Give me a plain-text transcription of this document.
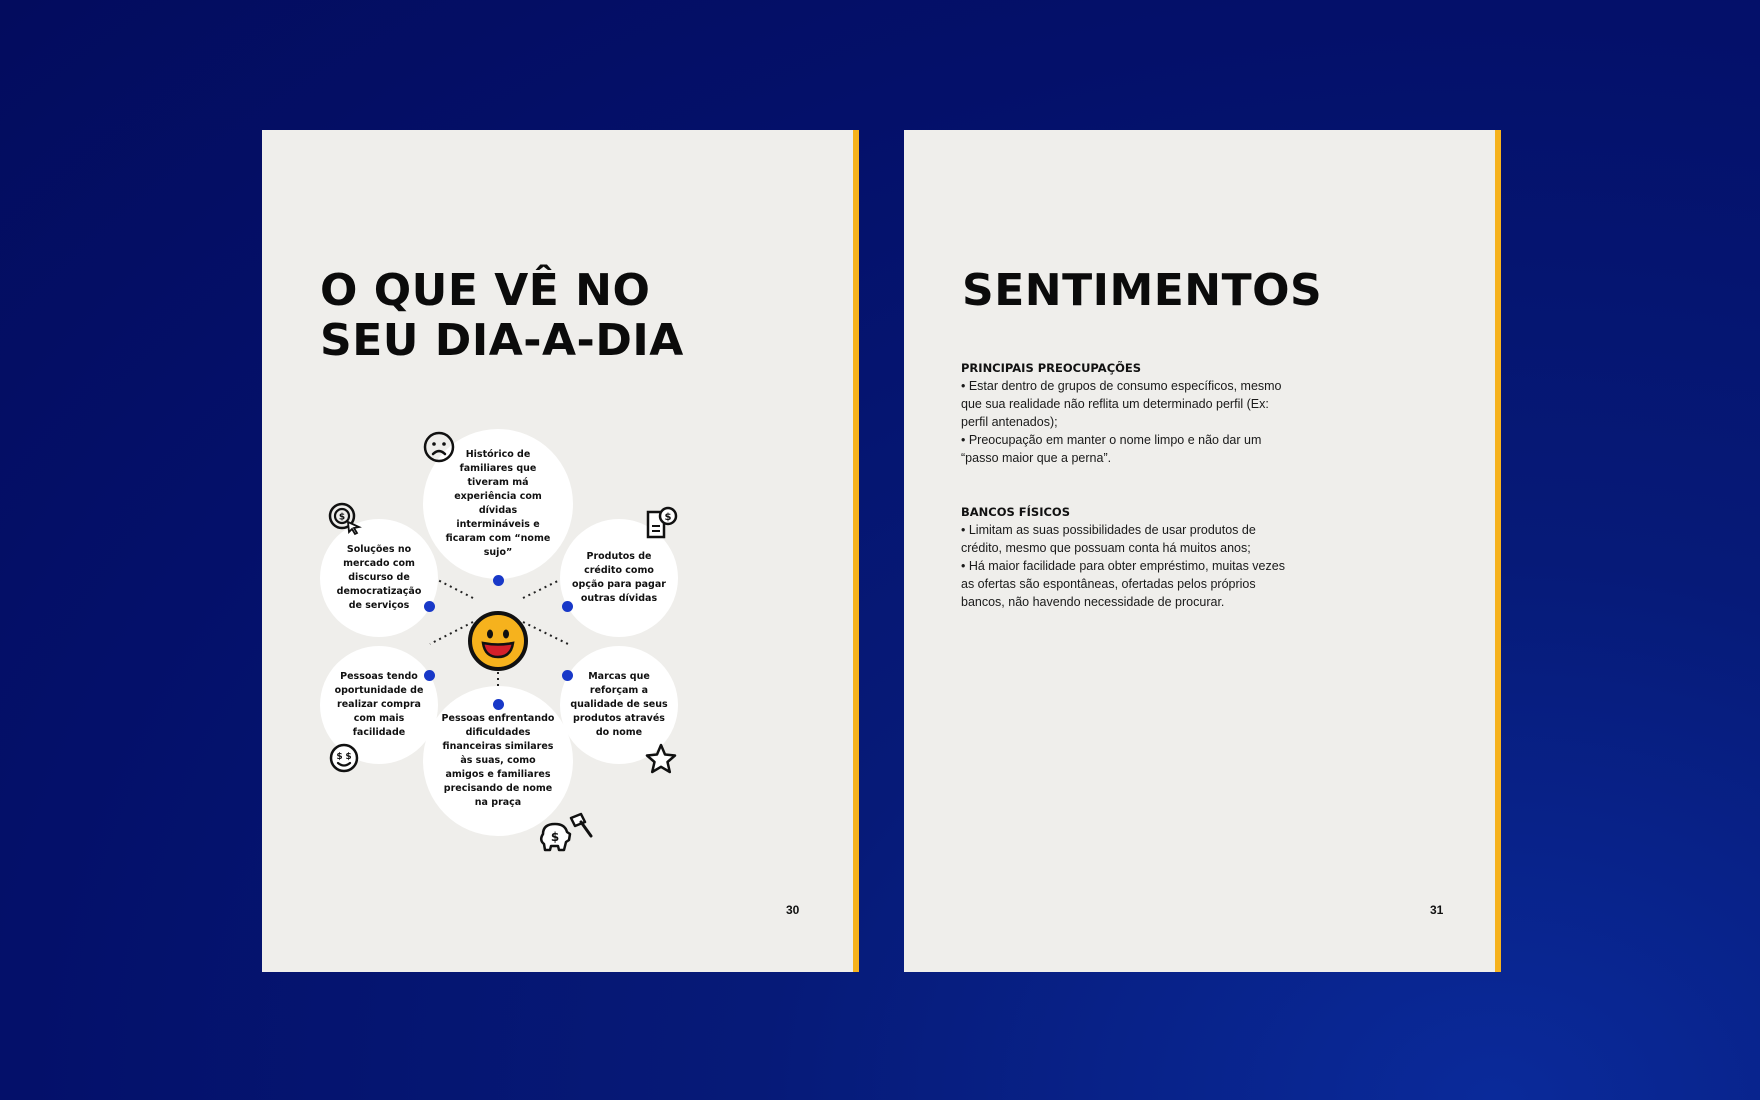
O QUE VÊ NO
SEU DIA-A-DIA
Histórico de familiares que tiveram má experiência com dívidas intermináveis e ficaram com “nome sujo”
Soluções no mercado com discurso de democratização de serviços
Produtos de crédito como opção para pagar outras dívidas
Pessoas tendo oportunidade de realizar compra com mais facilidade
Marcas que reforçam a qualidade de seus produtos através do nome
Pessoas enfrentando dificuldades financeiras similares às suas, como amigos e familiares precisando de nome na praça
$	$
$ $
$
30
SENTIMENTOS

PRINCIPAIS PREOCUPAÇÕES

• Estar dentro de grupos de consumo específicos, mesmo
que sua realidade não reflita um determinado perfil (Ex:
perfil antenados);
• Preocupação em manter o nome limpo e não dar um
“passo maior que a perna”.

BANCOS FÍSICOS

• Limitam as suas possibilidades de usar produtos de
crédito, mesmo que possuam conta há muitos anos;
• Há maior facilidade para obter empréstimo, muitas vezes
as ofertas são espontâneas, ofertadas pelos próprios
bancos, não havendo necessidade de procurar.

31
